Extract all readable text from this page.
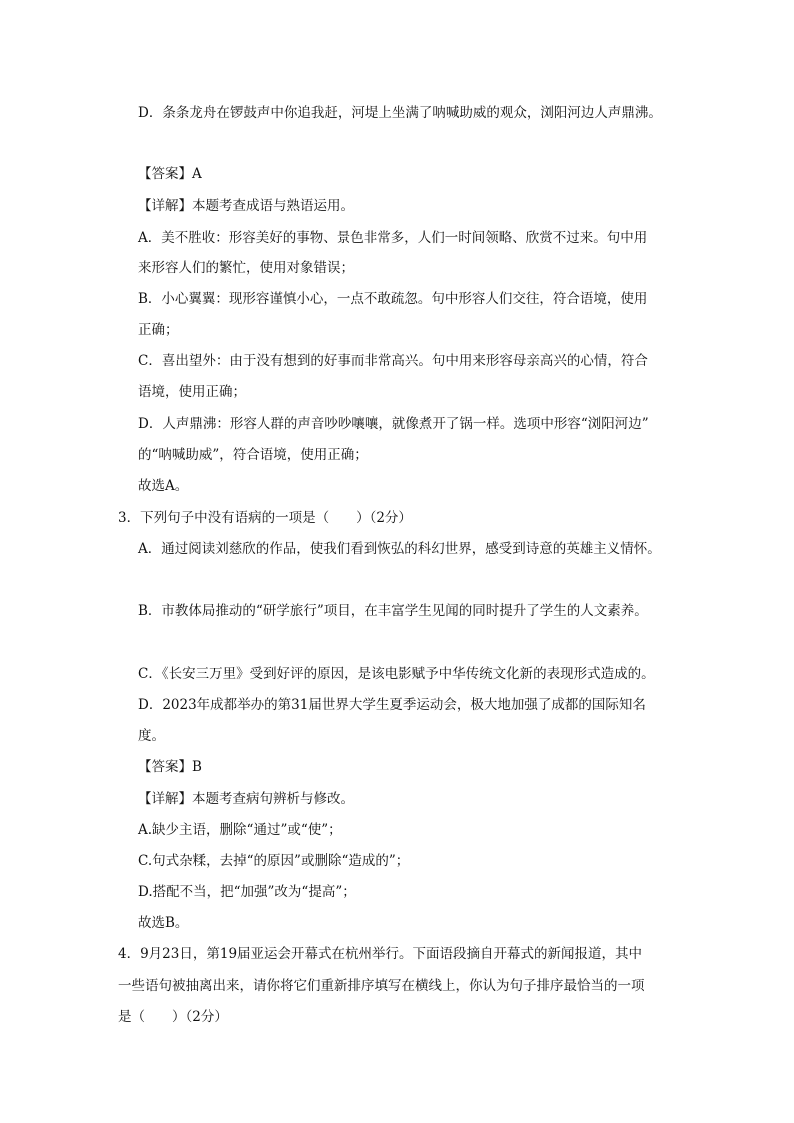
D．条条龙舟在锣鼓声中你追我赶，河堤上坐满了呐喊助威的观众，浏阳河边人声鼎沸。
【答案】A
【详解】本题考查成语与熟语运用。
A．美不胜收：形容美好的事物、景色非常多，人们一时间领略、欣赏不过来。句中用
来形容人们的繁忙，使用对象错误；
B．小心翼翼：现形容谨慎小心，一点不敢疏忽。句中形容人们交往，符合语境，使用
正确；
C．喜出望外：由于没有想到的好事而非常高兴。句中用来形容母亲高兴的心情，符合
语境，使用正确；
D．人声鼎沸：形容人群的声音吵吵嚷嚷，就像煮开了锅一样。选项中形容“浏阳河边”
的“呐喊助威”，符合语境，使用正确；
故选A。
3．下列句子中没有语病的一项是（　　）（2分）
A．通过阅读刘慈欣的作品，使我们看到恢弘的科幻世界，感受到诗意的英雄主义情怀。
B．市教体局推动的“研学旅行”项目，在丰富学生见闻的同时提升了学生的人文素养。
C．《长安三万里》受到好评的原因，是该电影赋予中华传统文化新的表现形式造成的。
D．2023年成都举办的第31届世界大学生夏季运动会，极大地加强了成都的国际知名
度。
【答案】B
【详解】本题考查病句辨析与修改。
A.缺少主语，删除“通过”或“使”；
C.句式杂糅，去掉“的原因”或删除“造成的”；
D.搭配不当，把“加强”改为“提高”；
故选B。
4．9月23日，第19届亚运会开幕式在杭州举行。下面语段摘自开幕式的新闻报道，其中
一些语句被抽离出来，请你将它们重新排序填写在横线上，你认为句子排序最恰当的一项
是（　　）（2分）
